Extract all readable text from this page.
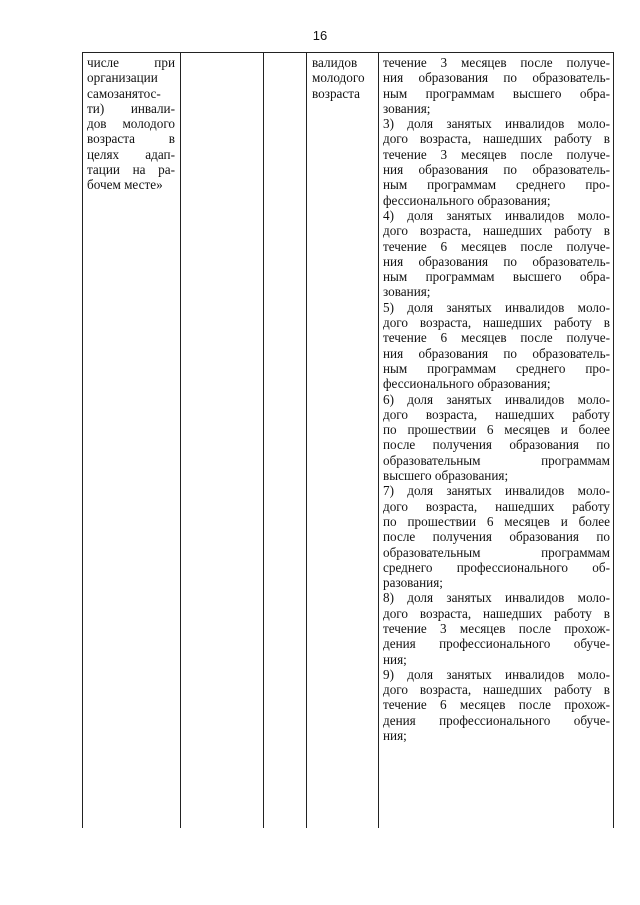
16
числе при
организации
самозанятос-
ти) инвали-
дов молодого
возраста в
целях адап-
тации на ра-
бочем месте»
валидов
молодого
возраста
течение 3 месяцев после получе-
ния образования по образователь-
ным программам высшего обра-
зования;
3) доля занятых инвалидов моло-
дого возраста, нашедших работу в
течение 3 месяцев после получе-
ния образования по образователь-
ным программам среднего про-
фессионального образования;
4) доля занятых инвалидов моло-
дого возраста, нашедших работу в
течение 6 месяцев после получе-
ния образования по образователь-
ным программам высшего обра-
зования;
5) доля занятых инвалидов моло-
дого возраста, нашедших работу в
течение 6 месяцев после получе-
ния образования по образователь-
ным программам среднего про-
фессионального образования;
6) доля занятых инвалидов моло-
дого возраста, нашедших работу
по прошествии 6 месяцев и более
после получения образования по
образовательным программам
высшего образования;
7) доля занятых инвалидов моло-
дого возраста, нашедших работу
по прошествии 6 месяцев и более
после получения образования по
образовательным программам
среднего профессионального об-
разования;
8) доля занятых инвалидов моло-
дого возраста, нашедших работу в
течение 3 месяцев после прохож-
дения профессионального обуче-
ния;
9) доля занятых инвалидов моло-
дого возраста, нашедших работу в
течение 6 месяцев после прохож-
дения профессионального обуче-
ния;
